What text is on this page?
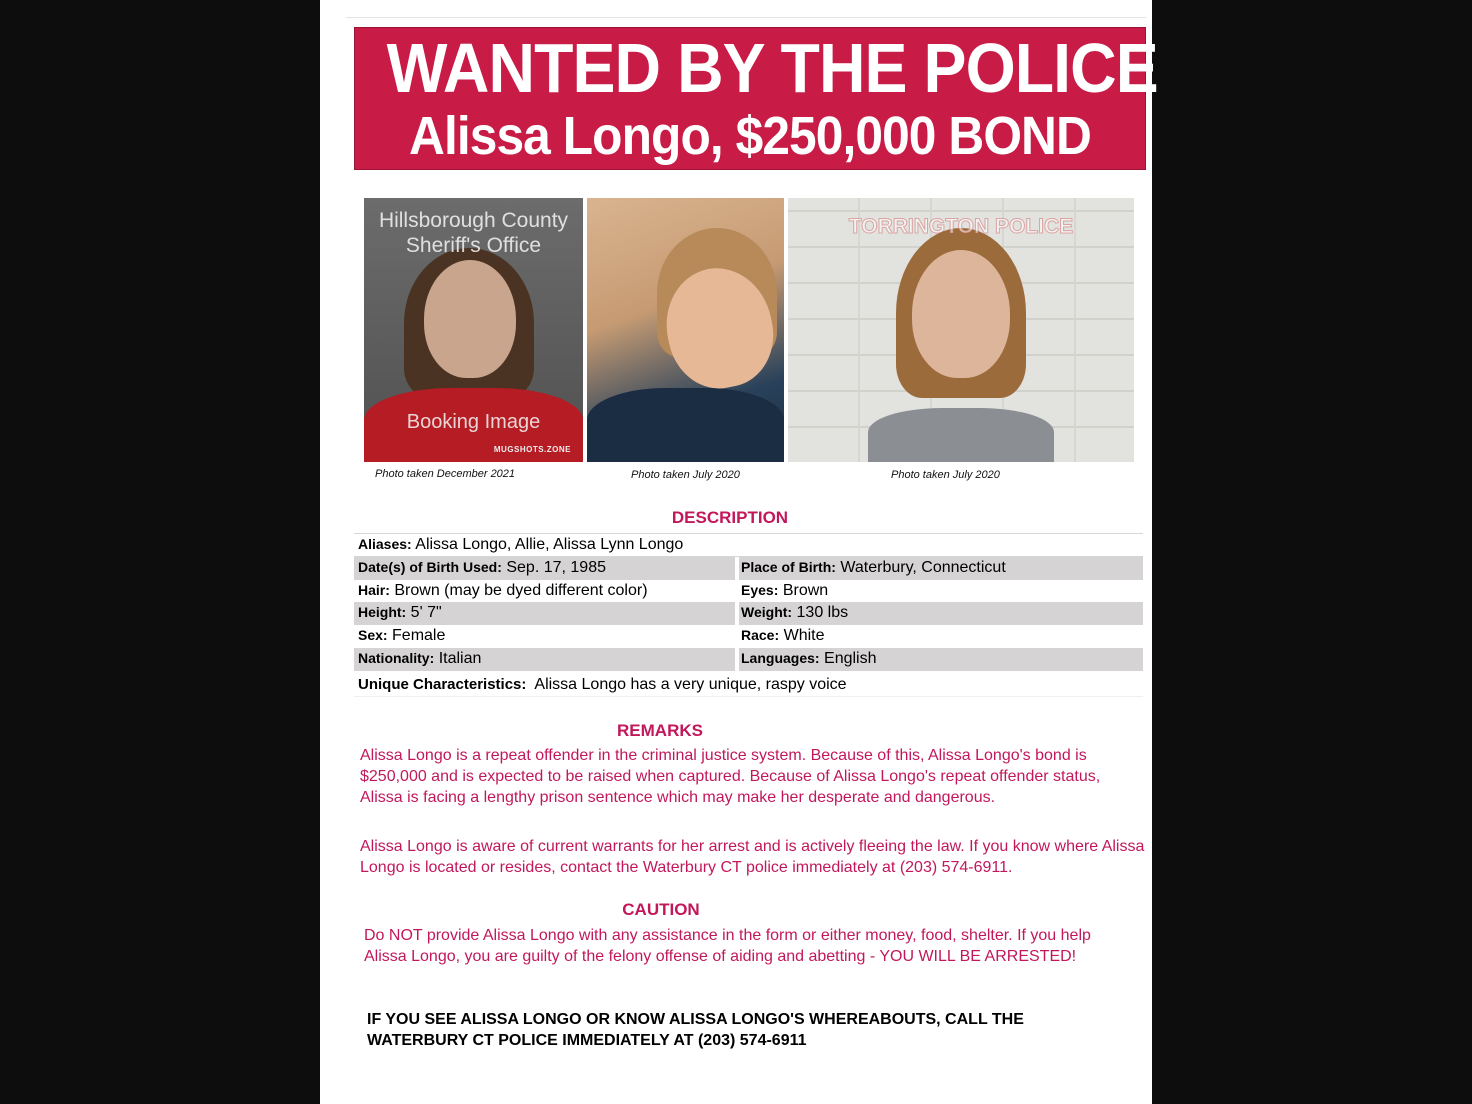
WANTED BY THE POLICE
Alissa Longo, $250,000 BOND
Hillsborough County
Sheriff's Office
Booking Image
MUGSHOTS.ZONE
TORRINGTON POLICE
Photo taken December 2021	Photo taken July 2020	Photo taken July 2020
DESCRIPTION
Aliases: Alissa Longo, Allie, Alissa Lynn Longo
Date(s) of Birth Used: Sep. 17, 1985	Place of Birth: Waterbury, Connecticut
Hair: Brown (may be dyed different color)	Eyes: Brown
Height: 5' 7"	Weight: 130 lbs
Sex: Female	Race: White
Nationality: Italian	Languages: English
Unique Characteristics: Alissa Longo has a very unique, raspy voice
REMARKS
Alissa Longo is a repeat offender in the criminal justice system. Because of this, Alissa Longo's bond is $250,000 and is expected to be raised when captured. Because of Alissa Longo's repeat offender status, Alissa is facing a lengthy prison sentence which may make her desperate and dangerous.
Alissa Longo is aware of current warrants for her arrest and is actively fleeing the law. If you know where Alissa Longo is located or resides, contact the Waterbury CT police immediately at (203) 574-6911.
CAUTION
Do NOT provide Alissa Longo with any assistance in the form or either money, food, shelter. If you help Alissa Longo, you are guilty of the felony offense of aiding and abetting - YOU WILL BE ARRESTED!
IF YOU SEE ALISSA LONGO OR KNOW ALISSA LONGO'S WHEREABOUTS, CALL THE WATERBURY CT POLICE IMMEDIATELY AT (203) 574-6911
